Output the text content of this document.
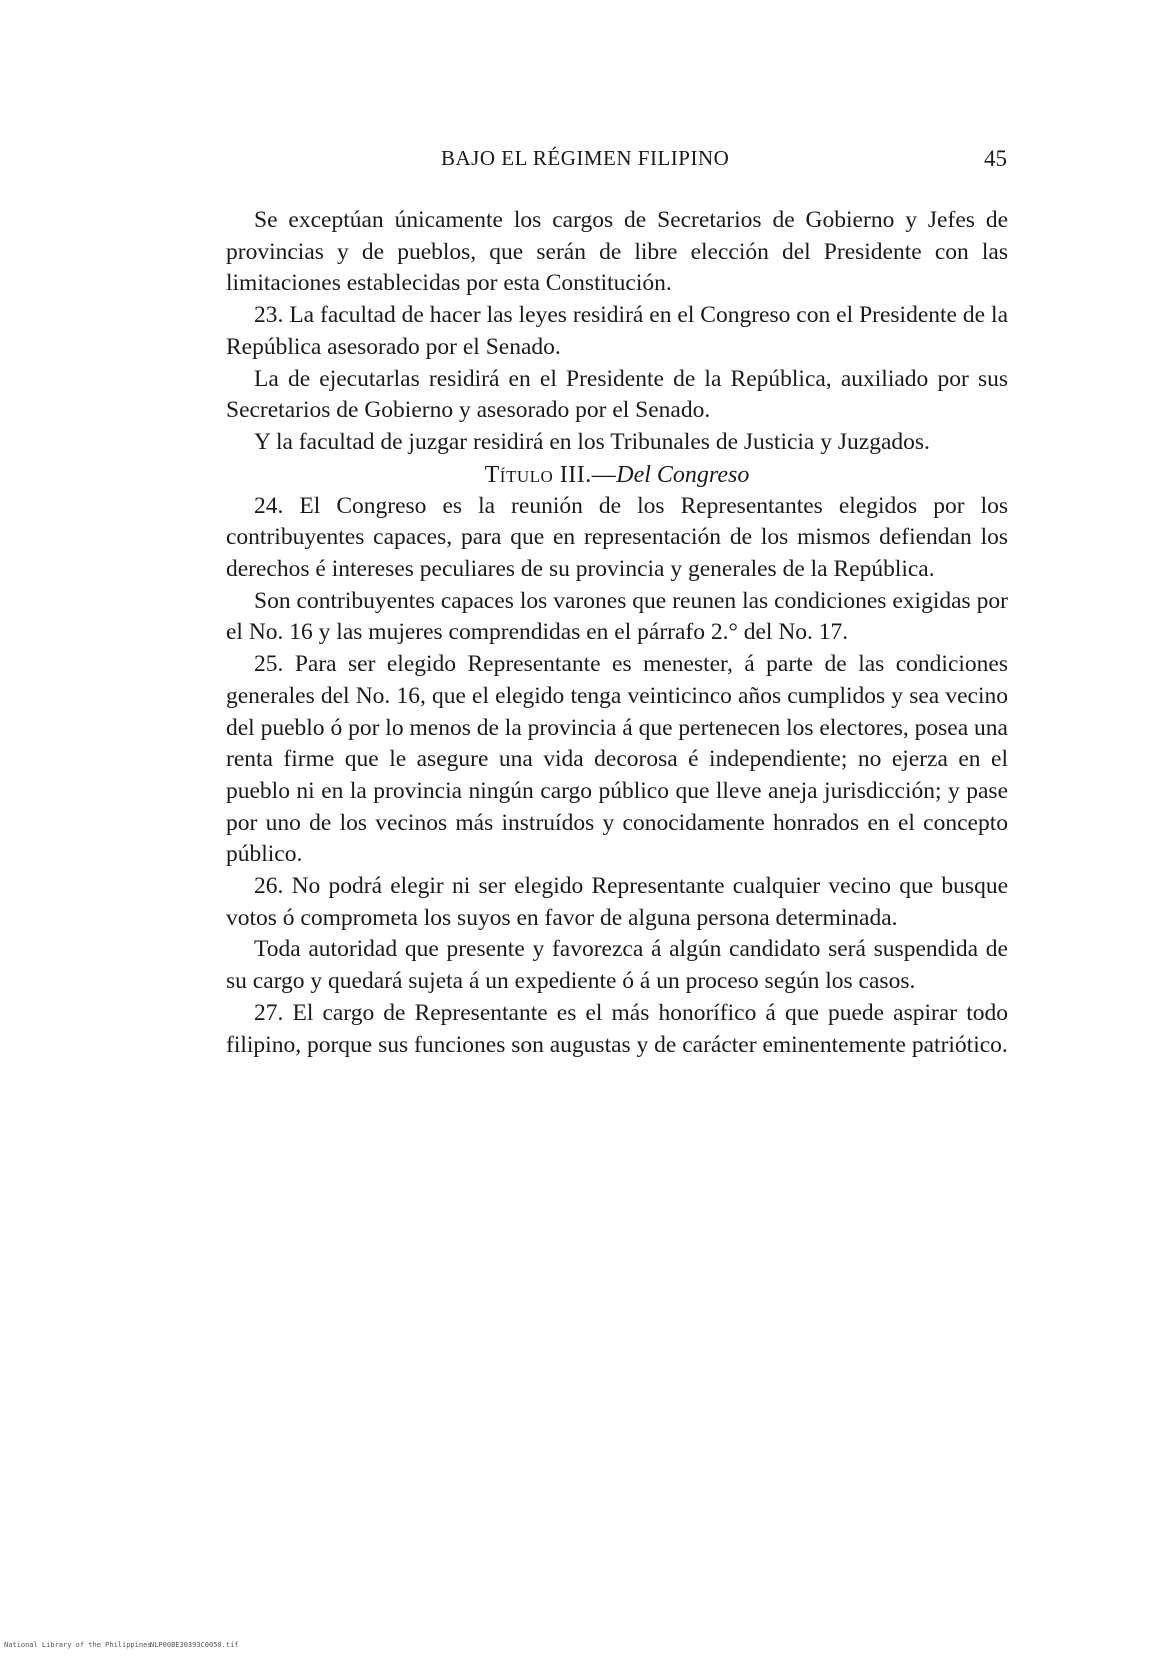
BAJO EL RÉGIMEN FILIPINO	45

Se exceptúan únicamente los cargos de Secretarios de Gobierno y Jefes de provincias y de pueblos, que serán de libre elección del Presidente con las limitaciones establecidas por esta Constitución.

23. La facultad de hacer las leyes residirá en el Congreso con el Presidente de la República asesorado por el Senado.

La de ejecutarlas residirá en el Presidente de la República, auxiliado por sus Secretarios de Gobierno y asesorado por el Senado.

Y la facultad de juzgar residirá en los Tribunales de Justicia y Juzgados.

Título III.—Del Congreso

24. El Congreso es la reunión de los Representantes elegidos por los contribuyentes capaces, para que en representación de los mismos defiendan los derechos é intereses peculiares de su provincia y generales de la República.

Son contribuyentes capaces los varones que reunen las condiciones exigidas por el No. 16 y las mujeres comprendidas en el párrafo 2.° del No. 17.

25. Para ser elegido Representante es menester, á parte de las condiciones generales del No. 16, que el elegido tenga veinticinco años cumplidos y sea vecino del pueblo ó por lo menos de la provincia á que pertenecen los electores, posea una renta firme que le asegure una vida decorosa é independiente; no ejerza en el pueblo ni en la provincia ningún cargo público que lleve aneja jurisdicción; y pase por uno de los vecinos más instruídos y conocidamente honrados en el concepto público.

26. No podrá elegir ni ser elegido Representante cualquier vecino que busque votos ó comprometa los suyos en favor de alguna persona determinada.

Toda autoridad que presente y favorezca á algún candidato será suspendida de su cargo y quedará sujeta á un expediente ó á un proceso según los casos.

27. El cargo de Representante es el más honorífico á que puede aspirar todo filipino, porque sus funciones son augustas y de carácter eminentemente patriótico.

National Library of the Philippines
NLP00BE30393C0050.tif
